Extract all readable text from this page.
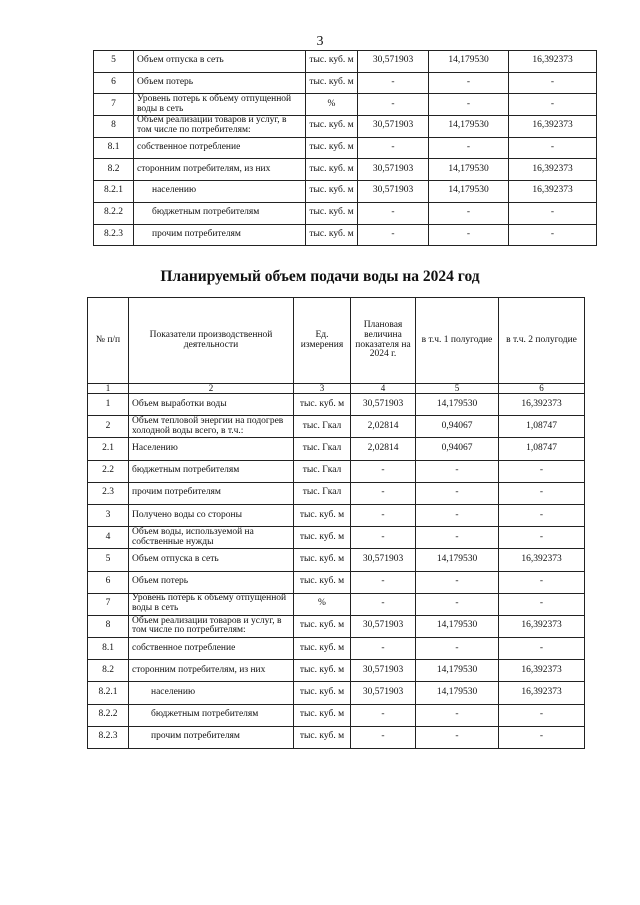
3
5	Объем отпуска в сеть	тыс. куб. м	30,571903	14,179530	16,392373
6	Объем потерь	тыс. куб. м	-	-	-
7	Уровень потерь к объему отпущенной воды в сеть	%	-	-	-
8	Объем реализации товаров и услуг, в том числе по потребителям:	тыс. куб. м	30,571903	14,179530	16,392373
8.1	собственное потребление	тыс. куб. м	-	-	-
8.2	сторонним потребителям, из них	тыс. куб. м	30,571903	14,179530	16,392373
8.2.1	населению	тыс. куб. м	30,571903	14,179530	16,392373
8.2.2	бюджетным потребителям	тыс. куб. м	-	-	-
8.2.3	прочим потребителям	тыс. куб. м	-	-	-
Планируемый объем подачи воды на 2024 год
№ п/п	Показатели производственной деятельности	Ед. измерения	Плановая величина показателя на 2024 г.	в т.ч. 1 полугодие	в т.ч. 2 полугодие
1	2	3	4	5	6
1	Объем выработки воды	тыс. куб. м	30,571903	14,179530	16,392373
2	Объем тепловой энергии на подогрев холодной воды всего, в т.ч.:	тыс. Гкал	2,02814	0,94067	1,08747
2.1	Населению	тыс. Гкал	2,02814	0,94067	1,08747
2.2	бюджетным потребителям	тыс. Гкал	-	-	-
2.3	прочим потребителям	тыс. Гкал	-	-	-
3	Получено воды со стороны	тыс. куб. м	-	-	-
4	Объем воды, используемой на собственные нужды	тыс. куб. м	-	-	-
5	Объем отпуска в сеть	тыс. куб. м	30,571903	14,179530	16,392373
6	Объем потерь	тыс. куб. м	-	-	-
7	Уровень потерь к объему отпущенной воды в сеть	%	-	-	-
8	Объем реализации товаров и услуг, в том числе по потребителям:	тыс. куб. м	30,571903	14,179530	16,392373
8.1	собственное потребление	тыс. куб. м	-	-	-
8.2	сторонним потребителям, из них	тыс. куб. м	30,571903	14,179530	16,392373
8.2.1	населению	тыс. куб. м	30,571903	14,179530	16,392373
8.2.2	бюджетным потребителям	тыс. куб. м	-	-	-
8.2.3	прочим потребителям	тыс. куб. м	-	-	-
